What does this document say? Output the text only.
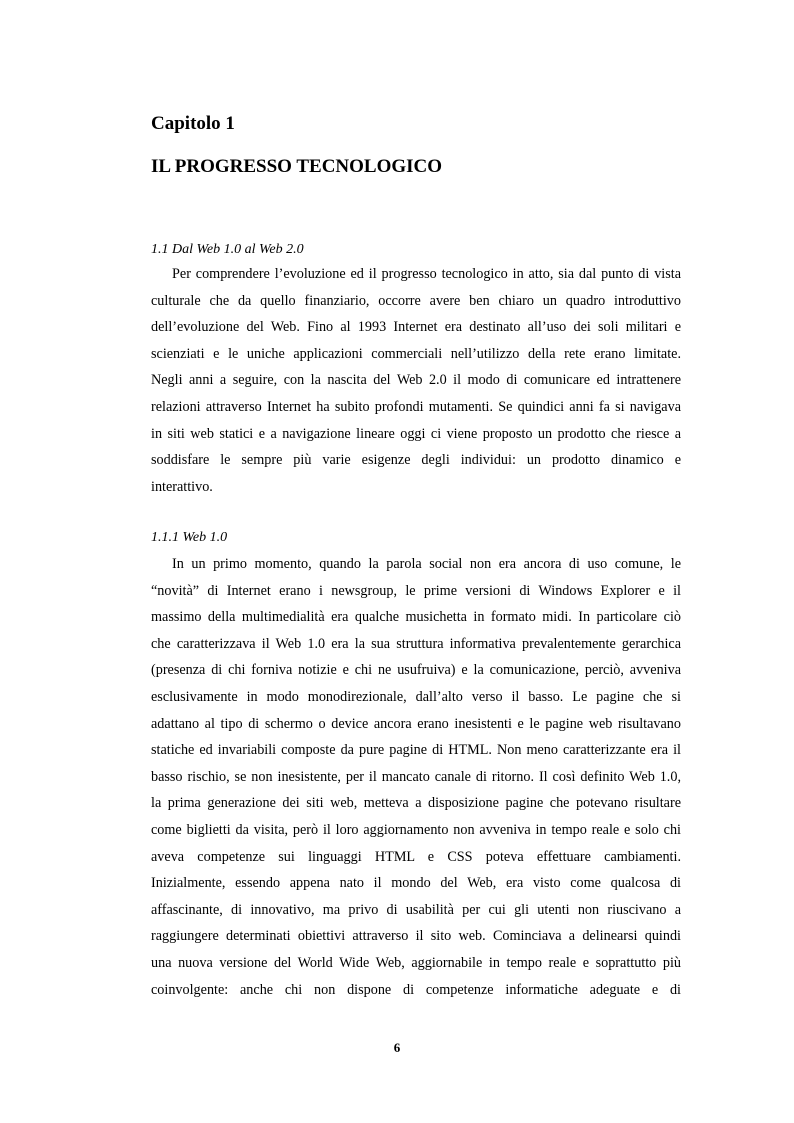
Capitolo 1
IL PROGRESSO TECNOLOGICO
1.1 Dal Web 1.0 al Web 2.0
Per comprendere l’evoluzione ed il progresso tecnologico in atto, sia dal punto di vista
culturale che da quello finanziario, occorre avere ben chiaro un quadro introduttivo
dell’evoluzione del Web. Fino al 1993 Internet era destinato all’uso dei soli militari e
scienziati e le uniche applicazioni commerciali nell’utilizzo della rete erano limitate.
Negli anni a seguire, con la nascita del Web 2.0 il modo di comunicare ed intrattenere
relazioni attraverso Internet ha subito profondi mutamenti. Se quindici anni fa si navigava
in siti web statici e a navigazione lineare oggi ci viene proposto un prodotto che riesce a
soddisfare le sempre più varie esigenze degli individui: un prodotto dinamico e
interattivo.
1.1.1 Web 1.0
In un primo momento, quando la parola social non era ancora di uso comune, le
“novità” di Internet erano i newsgroup, le prime versioni di Windows Explorer e il
massimo della multimedialità era qualche musichetta in formato midi. In particolare ciò
che caratterizzava il Web 1.0 era la sua struttura informativa prevalentemente gerarchica
(presenza di chi forniva notizie e chi ne usufruiva) e la comunicazione, perciò, avveniva
esclusivamente in modo monodirezionale, dall’alto verso il basso. Le pagine che si
adattano al tipo di schermo o device ancora erano inesistenti e le pagine web risultavano
statiche ed invariabili composte da pure pagine di HTML. Non meno caratterizzante era il
basso rischio, se non inesistente, per il mancato canale di ritorno. Il così definito Web 1.0,
la prima generazione dei siti web, metteva a disposizione pagine che potevano risultare
come biglietti da visita, però il loro aggiornamento non avveniva in tempo reale e solo chi
aveva competenze sui linguaggi HTML e CSS poteva effettuare cambiamenti.
Inizialmente, essendo appena nato il mondo del Web, era visto come qualcosa di
affascinante, di innovativo, ma privo di usabilità per cui gli utenti non riuscivano a
raggiungere determinati obiettivi attraverso il sito web. Cominciava a delinearsi quindi
una nuova versione del World Wide Web, aggiornabile in tempo reale e soprattutto più
coinvolgente: anche chi non dispone di competenze informatiche adeguate e di
6
